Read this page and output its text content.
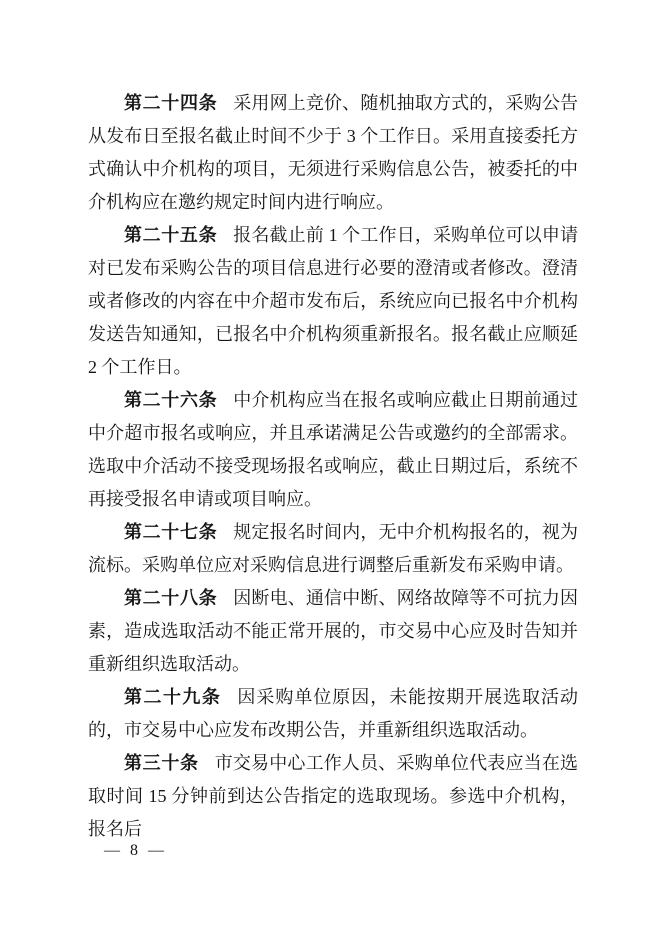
第二十四条 采用网上竞价、随机抽取方式的，采购公告从发布日至报名截止时间不少于 3 个工作日。采用直接委托方式确认中介机构的项目，无须进行采购信息公告，被委托的中介机构应在邀约规定时间内进行响应。

第二十五条 报名截止前 1 个工作日，采购单位可以申请对已发布采购公告的项目信息进行必要的澄清或者修改。澄清或者修改的内容在中介超市发布后，系统应向已报名中介机构发送告知通知，已报名中介机构须重新报名。报名截止应顺延 2 个工作日。

第二十六条 中介机构应当在报名或响应截止日期前通过中介超市报名或响应，并且承诺满足公告或邀约的全部需求。选取中介活动不接受现场报名或响应，截止日期过后，系统不再接受报名申请或项目响应。

第二十七条 规定报名时间内，无中介机构报名的，视为流标。采购单位应对采购信息进行调整后重新发布采购申请。

第二十八条 因断电、通信中断、网络故障等不可抗力因素，造成选取活动不能正常开展的，市交易中心应及时告知并重新组织选取活动。

第二十九条 因采购单位原因，未能按期开展选取活动的，市交易中心应发布改期公告，并重新组织选取活动。

第三十条 市交易中心工作人员、采购单位代表应当在选取时间 15 分钟前到达公告指定的选取现场。参选中介机构，报名后

— 8 —
